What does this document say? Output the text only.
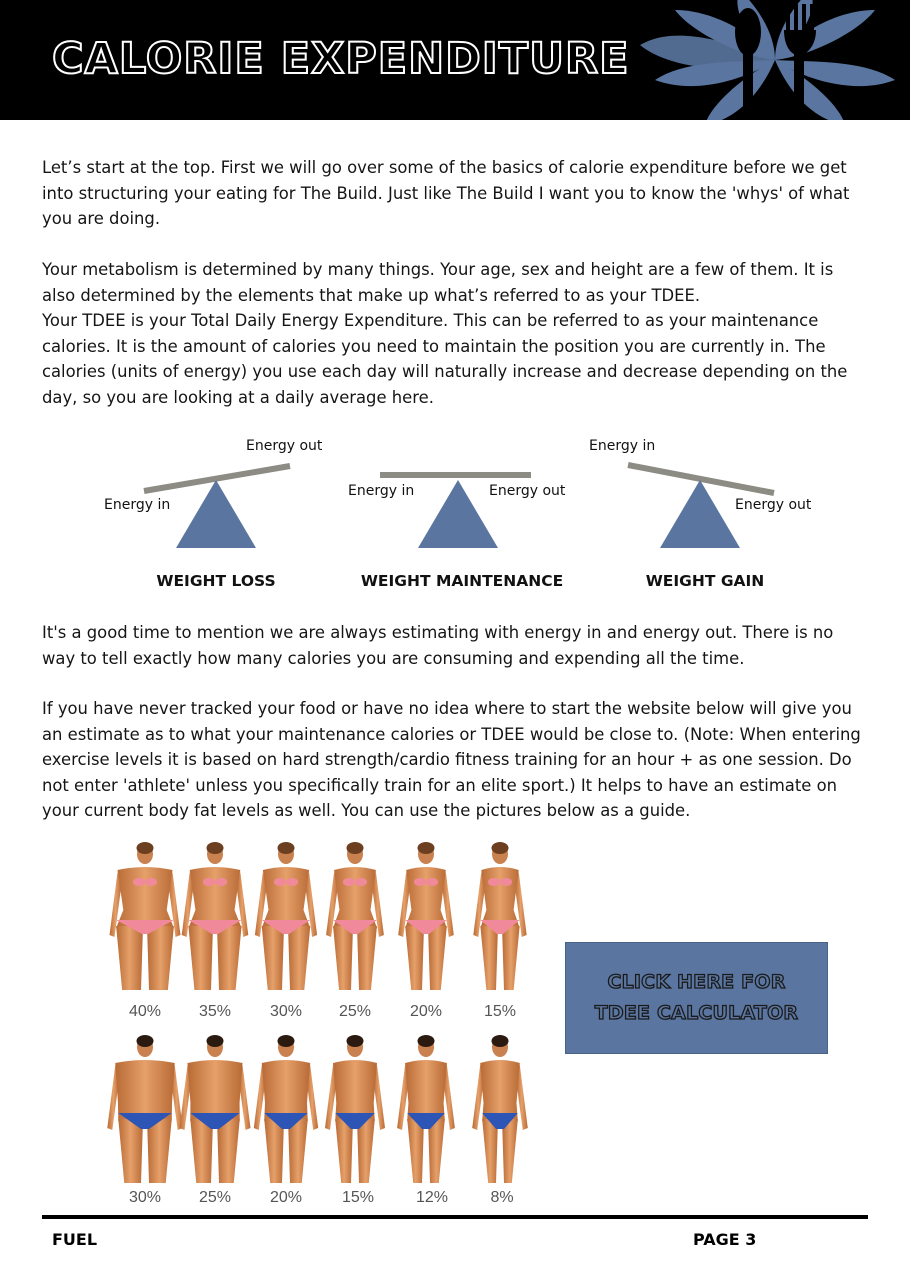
CALORIE EXPENDITURE

Let’s start at the top. First we will go over some of the basics of calorie expenditure before we get into structuring your eating for The Build. Just like The Build I want you to know the 'whys' of what you are doing.

Your metabolism is determined by many things. Your age, sex and height are a few of them. It is also determined by the elements that make up what’s referred to as your TDEE.

Your TDEE is your Total Daily Energy Expenditure. This can be referred to as your maintenance calories. It is the amount of calories you need to maintain the position you are currently in. The calories (units of energy) you use each day will naturally increase and decrease depending on the day, so you are looking at a daily average here.

Energy out
Energy in
WEIGHT LOSS
Energy in	Energy out
WEIGHT MAINTENANCE
Energy in
Energy out
WEIGHT GAIN

It's a good time to mention we are always estimating with energy in and energy out. There is no way to tell exactly how many calories you are consuming and expending all the time.

If you have never tracked your food or have no idea where to start the website below will give you an estimate as to what your maintenance calories or TDEE would be close to. (Note: When entering exercise levels it is based on hard strength/cardio fitness training for an hour + as one session. Do not enter 'athlete' unless you specifically train for an elite sport.) It helps to have an estimate on your current body fat levels as well. You can use the pictures below as a guide.

40%	35%	30%	25%	20%	15%
30%	25%	20%	15%	12%	8%
CLICK HERE FOR
TDEE CALCULATOR
FUEL	PAGE 3
